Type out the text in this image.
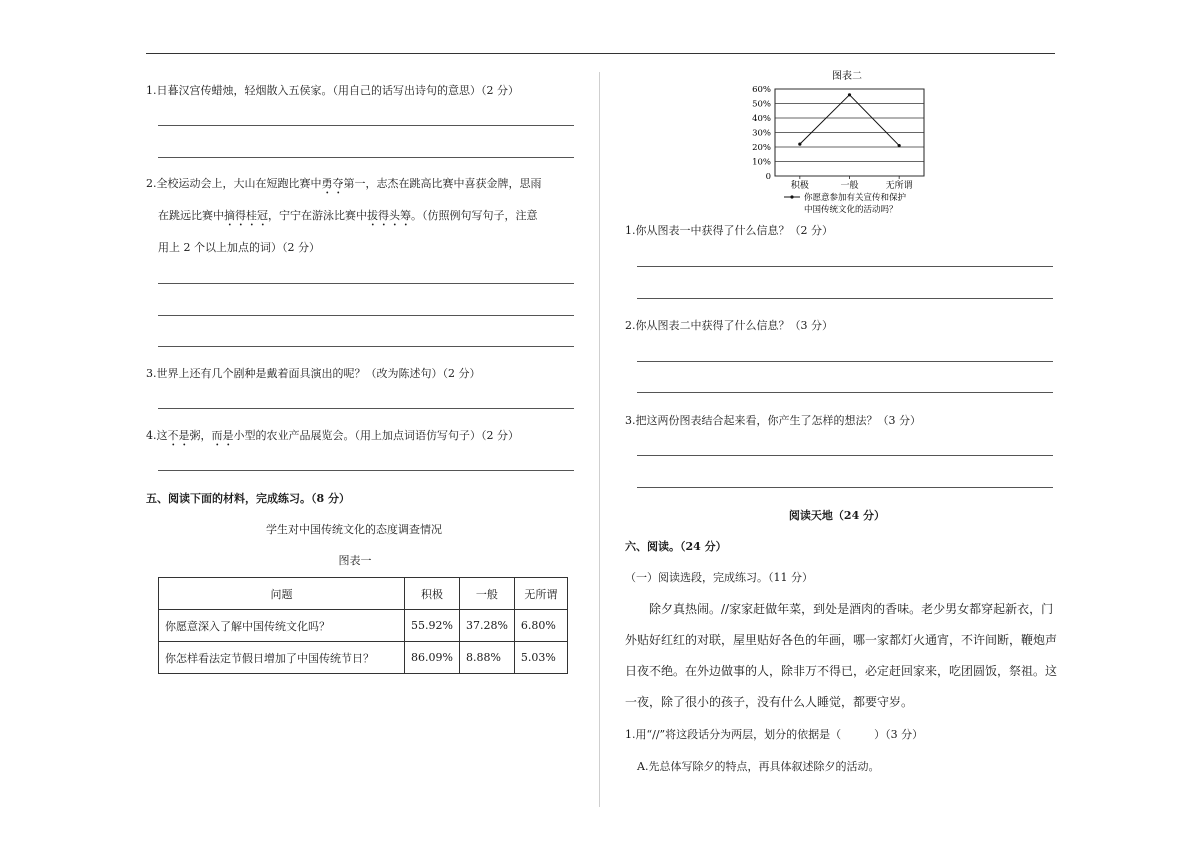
1.日暮汉宫传蜡烛，轻烟散入五侯家。（用自己的话写出诗句的意思）（2 分）
2.全校运动会上，大山在短跑比赛中勇夺第一，志杰在跳高比赛中喜获金牌，思雨
在跳远比赛中摘得桂冠，宁宁在游泳比赛中拔得头筹。（仿照例句写句子，注意
用上 2 个以上加点的词）（2 分）
3.世界上还有几个剧种是戴着面具演出的呢？（改为陈述句）（2 分）
4.这不是粥，而是小型的农业产品展览会。（用上加点词语仿写句子）（2 分）
五、阅读下面的材料，完成练习。（8 分）
学生对中国传统文化的态度调查情况
图表一
问题	积极	一般	无所谓
你愿意深入了解中国传统文化吗？	55.92%	37.28%	6.80%
你怎样看法定节假日增加了中国传统节日？	86.09%	8.88%	5.03%
图表二
60%
50%
40%
30%
20%
10%
0
积极	一般	无所谓
你愿意参加有关宣传和保护
中国传统文化的活动吗？
1.你从图表一中获得了什么信息？（2 分）
2.你从图表二中获得了什么信息？（3 分）
3.把这两份图表结合起来看，你产生了怎样的想法？（3 分）
阅读天地（24 分）
六、阅读。（24 分）
（一）阅读选段，完成练习。（11 分）
除夕真热闹。//家家赶做年菜，到处是酒肉的香味。老少男女都穿起新衣，门
外贴好红红的对联，屋里贴好各色的年画，哪一家都灯火通宵，不许间断，鞭炮声
日夜不绝。在外边做事的人，除非万不得已，必定赶回家来，吃团圆饭，祭祖。这
一夜，除了很小的孩子，没有什么人睡觉，都要守岁。
1.用“//”将这段话分为两层，划分的依据是（　　　）（3 分）
A.先总体写除夕的特点，再具体叙述除夕的活动。
